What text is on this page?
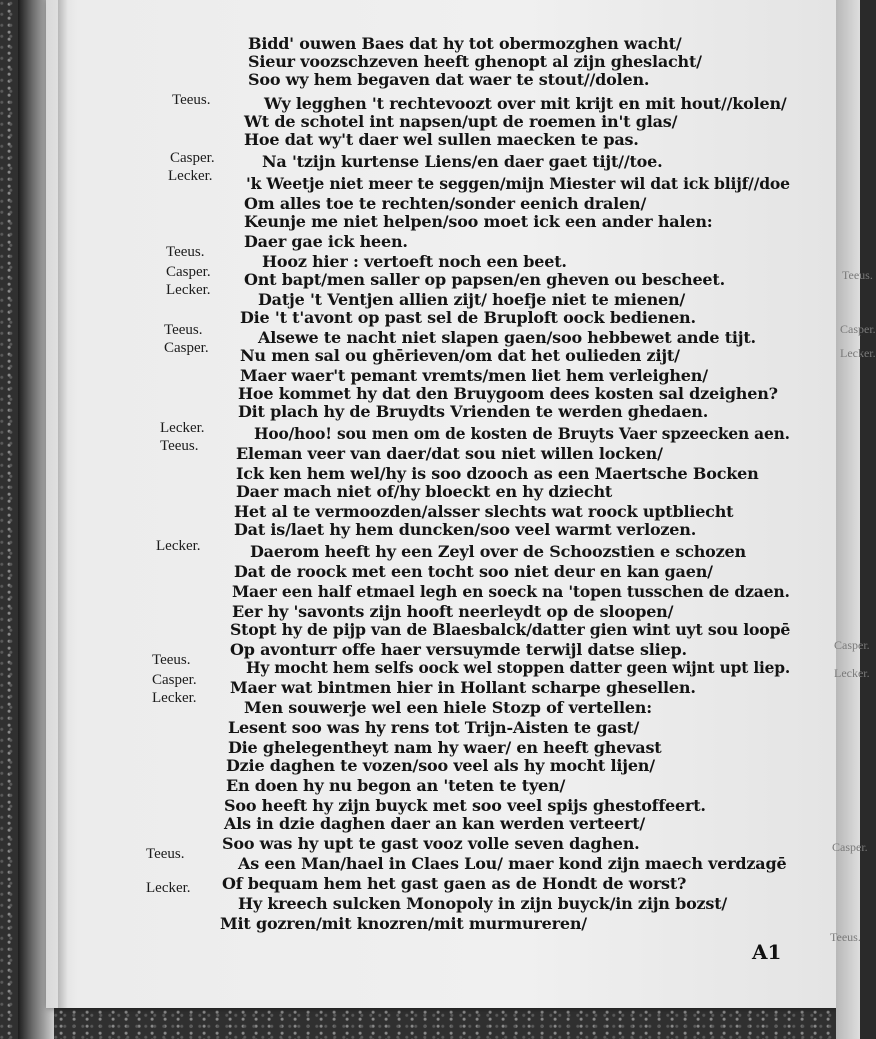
Bidd' ouwen Baes dat hy tot obermozghen wacht/
Sieur voozschzeven heeft ghenopt al zijn gheslacht/
Soo wy hem begaven dat waer te stout//dolen.
Wy legghen 't rechtevoozt over mit krijt en mit hout//kolen/
Wt de schotel int napsen/upt de roemen in't glas/
Hoe dat wy't daer wel sullen maecken te pas.
Na 'tzijn kurtense Liens/en daer gaet tijt//toe.
'k Weetje niet meer te seggen/mijn Miester wil dat ick blijf//doe
Om alles toe te rechten/sonder eenich dralen/
Keunje me niet helpen/soo moet ick een ander halen:
Daer gae ick heen.
Hooz hier : vertoeft noch een beet.
Ont bapt/men saller op papsen/en gheven ou bescheet.
Datje 't Ventjen allien zijt/ hoefje niet te mienen/
Die 't t'avont op past sel de Bruploft oock bedienen.
Alsewe te nacht niet slapen gaen/soo hebbewet ande tijt.
Nu men sal ou ghērieven/om dat het oulieden zijt/
Maer waer't pemant vremts/men liet hem verleighen/
Hoe kommet hy dat den Bruygoom dees kosten sal dzeighen?
Dit plach hy de Bruydts Vrienden te werden ghedaen.
Hoo/hoo! sou men om de kosten de Bruyts Vaer spzeecken aen.
Eleman veer van daer/dat sou niet willen locken/
Ick ken hem wel/hy is soo dzooch as een Maertsche Bocken
Daer mach niet of/hy bloeckt en hy dziecht
Het al te vermoozden/alsser slechts wat roock uptbliecht
Dat is/laet hy hem duncken/soo veel warmt verlozen.
Daerom heeft hy een Zeyl over de Schoozstien e schozen
Dat de roock met een tocht soo niet deur en kan gaen/
Maer een half etmael legh en soeck na 'topen tusschen de dzaen.
Eer hy 'savonts zijn hooft neerleydt op de sloopen/
Stopt hy de pijp van de Blaesbalck/datter gien wint uyt sou loopē
Op avonturr offe haer versuymde terwijl datse sliep.
Hy mocht hem selfs oock wel stoppen datter geen wijnt upt liep.
Maer wat bintmen hier in Hollant scharpe ghesellen.
Men souwerje wel een hiele Stozp of vertellen:
Lesent soo was hy rens tot Trijn-Aisten te gast/
Die ghelegentheyt nam hy waer/ en heeft ghevast
Dzie daghen te vozen/soo veel als hy mocht lijen/
En doen hy nu begon an 'teten te tyen/
Soo heeft hy zijn buyck met soo veel spijs ghestoffeert.
Als in dzie daghen daer an kan werden verteert/
Soo was hy upt te gast vooz volle seven daghen.
As een Man/hael in Claes Lou/ maer kond zijn maech verdzagē
Of bequam hem het gast gaen as de Hondt de worst?
Hy kreech sulcken Monopoly in zijn buyck/in zijn bozst/
Mit gozren/mit knozren/mit murmureren/
Teeus.
Casper.
Lecker.
Teeus.
Casper.
Lecker.
Teeus.
Casper.
Lecker.
Teeus.
Lecker.
Teeus.
Casper.
Lecker.
Teeus.
Lecker.
Teeus.
Casper.
Lecker.
Casper.
Lecker.
Casper.
Teeus.
A1
